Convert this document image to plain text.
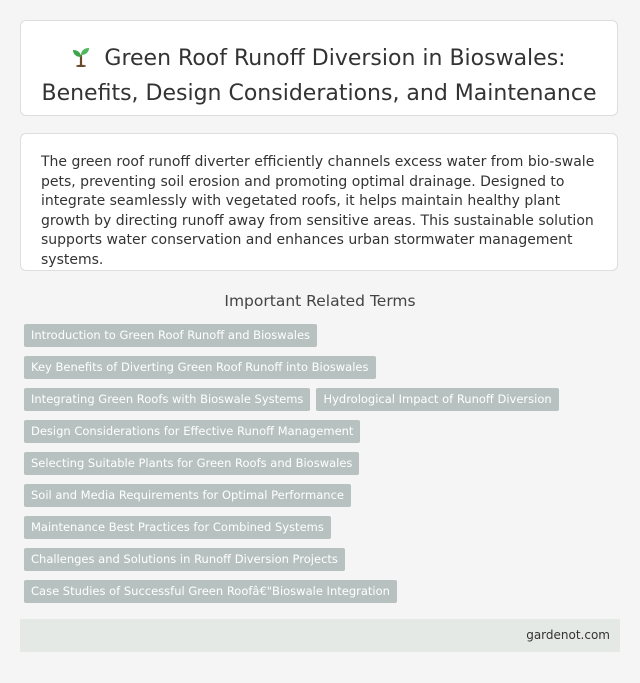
Green Roof Runoff Diversion in Bioswales:
Benefits, Design Considerations, and Maintenance

The green roof runoff diverter efficiently channels excess water from bio-swale pets, preventing soil erosion and promoting optimal drainage. Designed to integrate seamlessly with vegetated roofs, it helps maintain healthy plant growth by directing runoff away from sensitive areas. This sustainable solution supports water conservation and enhances urban stormwater management systems.

Important Related Terms
Introduction to Green Roof Runoff and Bioswales
Key Benefits of Diverting Green Roof Runoff into Bioswales
Integrating Green Roofs with Bioswale Systems Hydrological Impact of Runoff Diversion
Design Considerations for Effective Runoff Management
Selecting Suitable Plants for Green Roofs and Bioswales
Soil and Media Requirements for Optimal Performance
Maintenance Best Practices for Combined Systems
Challenges and Solutions in Runoff Diversion Projects
Case Studies of Successful Green Roofâ€"Bioswale Integration
gardenot.com
